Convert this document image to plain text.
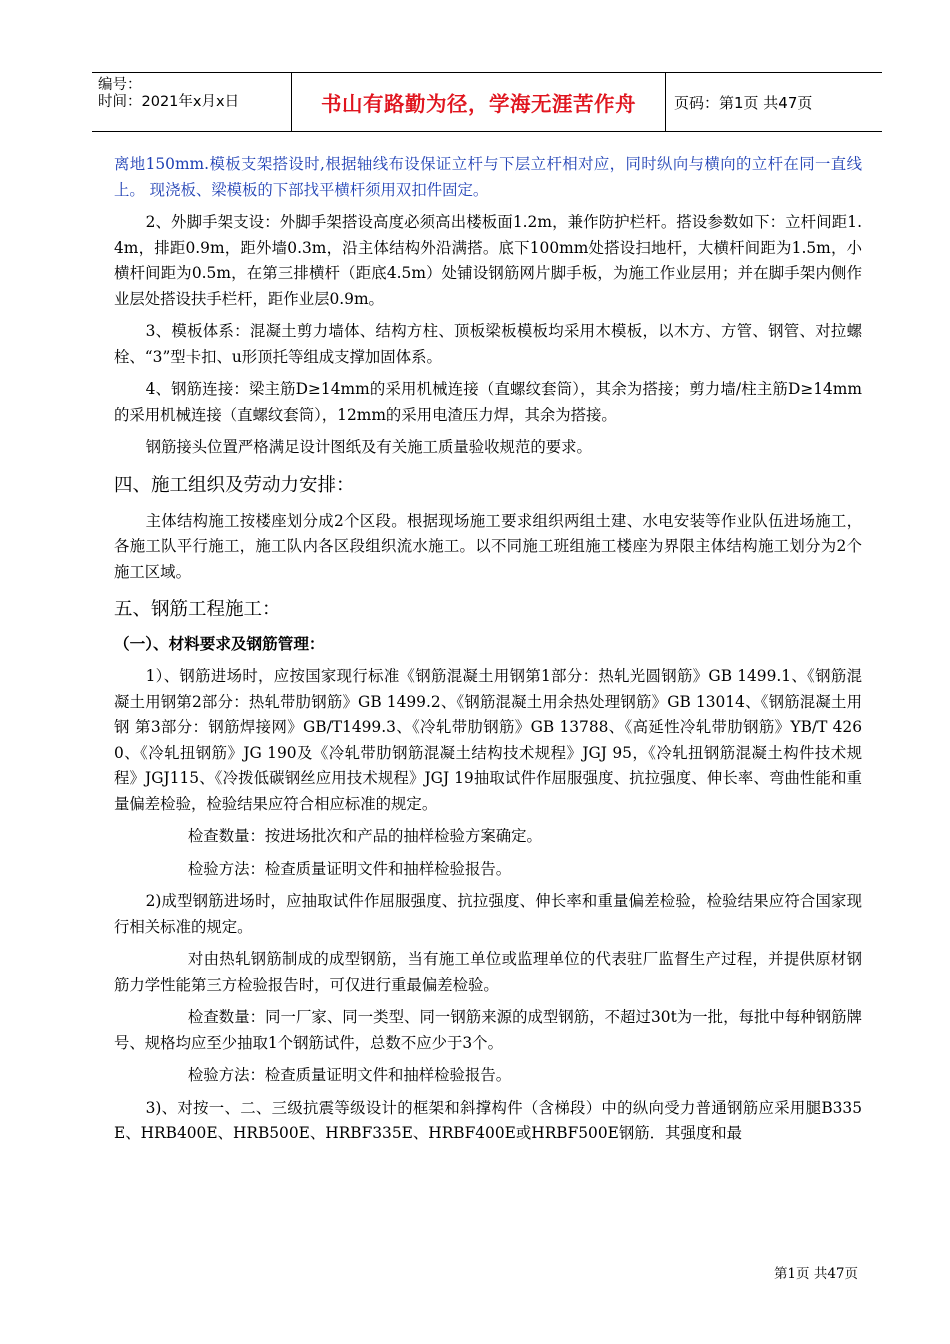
编号：
时间：2021年x月x日	书山有路勤为径，学海无涯苦作舟	页码：第1页 共47页

离地150mm.模板支架搭设时,根据轴线布设保证立杆与下层立杆相对应，同时纵向与横向的立杆在同一直线上。 现浇板、梁模板的下部找平横杆须用双扣件固定。

2、外脚手架支设：外脚手架搭设高度必须高出楼板面1.2m，兼作防护栏杆。搭设参数如下：立杆间距1.4m，排距0.9m，距外墙0.3m，沿主体结构外沿满搭。底下100mm处搭设扫地杆，大横杆间距为1.5m，小横杆间距为0.5m，在第三排横杆（距底4.5m）处铺设钢筋网片脚手板，为施工作业层用；并在脚手架内侧作业层处搭设扶手栏杆，距作业层0.9m。

3、模板体系：混凝土剪力墙体、结构方柱、顶板梁板模板均采用木模板，以木方、方管、钢管、对拉螺栓、“3”型卡扣、u形顶托等组成支撑加固体系。

4、钢筋连接：梁主筋D≥14mm的采用机械连接（直螺纹套筒），其余为搭接；剪力墙/柱主筋D≥14mm的采用机械连接（直螺纹套筒），12mm的采用电渣压力焊，其余为搭接。

钢筋接头位置严格满足设计图纸及有关施工质量验收规范的要求。

四、施工组织及劳动力安排：

主体结构施工按楼座划分成2个区段。根据现场施工要求组织两组土建、水电安装等作业队伍进场施工，各施工队平行施工，施工队内各区段组织流水施工。以不同施工班组施工楼座为界限主体结构施工划分为2个施工区域。

五、钢筋工程施工：
（一）、材料要求及钢筋管理：

1）、钢筋进场时，应按国家现行标准《钢筋混凝土用钢第1部分：热轧光圆钢筋》GB 1499.1、《钢筋混凝土用钢第2部分：热轧带肋钢筋》GB 1499.2、《钢筋混凝土用余热处理钢筋》GB 13014、《钢筋混凝土用钢 第3部分：钢筋焊接网》GB/T1499.3、《冷轧带肋钢筋》GB 13788、《高延性冷轧带肋钢筋》YB/T 4260、《冷轧扭钢筋》JG 190及《冷轧带肋钢筋混凝土结构技术规程》JGJ 95，《冷轧扭钢筋混凝土构件技术规程》JGJ115、《冷拨低碳钢丝应用技术规程》JGJ 19抽取试件作屈服强度、抗拉强度、伸长率、弯曲性能和重量偏差检验，检验结果应符合相应标准的规定。

检查数量：按进场批次和产品的抽样检验方案确定。

检验方法：检查质量证明文件和抽样检验报告。

2)成型钢筋进场时，应抽取试件作屈服强度、抗拉强度、伸长率和重量偏差检验，检验结果应符合国家现行相关标准的规定。

对由热轧钢筋制成的成型钢筋，当有施工单位或监理单位的代表驻厂监督生产过程，并提供原材钢筋力学性能第三方检验报告时，可仅进行重最偏差检验。

检查数量：同一厂家、同一类型、同一钢筋来源的成型钢筋，不超过30t为一批，每批中每种钢筋牌号、规格均应至少抽取1个钢筋试件，总数不应少于3个。

检验方法：检查质量证明文件和抽样检验报告。

3)、对按一、二、三级抗震等级设计的框架和斜撑构件（含梯段）中的纵向受力普通钢筋应采用腿B335E、HRB400E、HRB500E、HRBF335E、HRBF400E或HRBF500E钢筋．其强度和最

第1页 共47页
